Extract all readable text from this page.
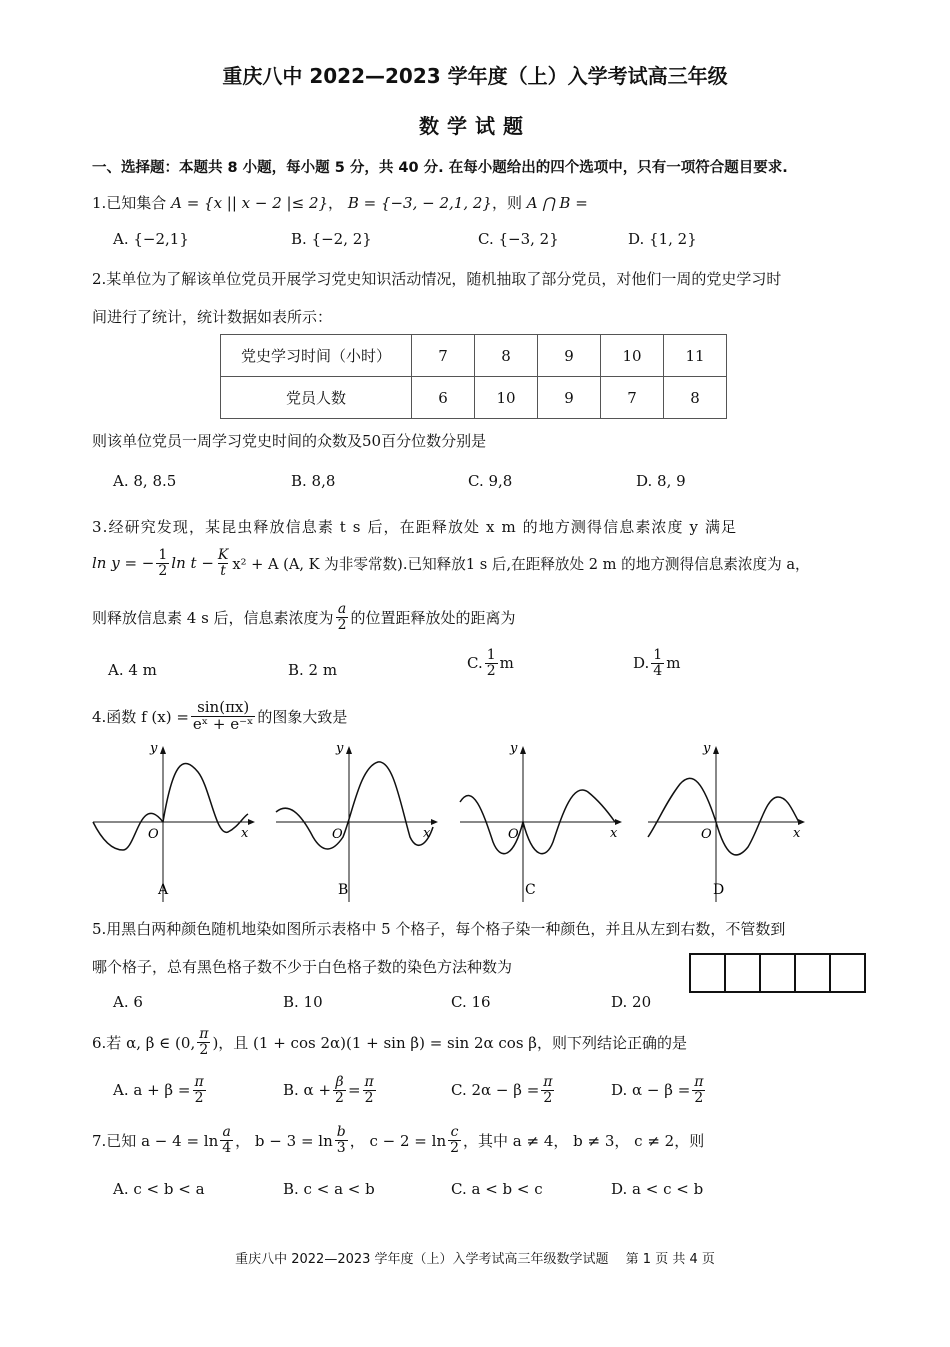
重庆八中 2022—2023 学年度（上）入学考试高三年级
数学试题
一、选择题：本题共 8 小题，每小题 5 分，共 40 分. 在每小题给出的四个选项中，只有一项符合题目要求.
1.已知集合 A = {x || x − 2 |≤ 2}， B = {−3, − 2,1, 2}，则 A ⋂ B =
A. {−2,1}	B. {−2, 2}	C. {−3, 2}	D. {1, 2}
2.某单位为了解该单位党员开展学习党史知识活动情况，随机抽取了部分党员，对他们一周的党史学习时
间进行了统计，统计数据如表所示：
党史学习时间（小时）	7	8	9	10	11
党员人数	6	10	9	7	8
则该单位党员一周学习党史时间的众数及50百分位数分别是
A. 8, 8.5	B. 8,8	C. 9,8	D. 8, 9
3.经研究发现，某昆虫释放信息素 t s 后，在距释放处 x m 的地方测得信息素浓度 y 满足
ln y = − $\frac{1}{2}$ $\ln t - \frac{K}{t} x^2 + A$ (A, K 为非零常数).已知释放1 s 后,在距释放处 2 m 的地方测得信息素浓度为 a，
则释放信息素 4 s 后，信息素浓度为 $\frac{a}{2}$ 的位置距释放处的距离为
A. 4 m	B. 2 m	C. $\frac{1}{2}$ m	D. $\frac{1}{4}$ m
4.函数 f $(x) = \frac{\sin(\pi x)}{\text{eˣ + e⁻ˣ}}$ 的图象大致是
y
x
O
y
x
O
y
x
O
y
x
O
A	B	C	D
5.用黑白两种颜色随机地染如图所示表格中 5 个格子，每个格子染一种颜色，并且从左到右数，不管数到
哪个格子，总有黑色格子数不少于白色格子数的染色方法种数为
A. 6	B. 10	C. 16	D. 20
6.若 α, β ∈ (0, $\frac{\pi}{2}$ )，且 (1 + cos 2α)(1 + sin β) = sin 2α cos β，则下列结论正确的是
A. $a + \beta = \frac{\pi}{2}$	B. $\alpha + \frac{\beta}{2} = \frac{\pi}{2}$	C. $2\alpha - \beta = \frac{\pi}{2}$	D. $\alpha - \beta = \frac{\pi}{2}$
7.已知 $a - 4 = \ln \frac{a}{4}$ ， $b - 3 = \ln \frac{b}{3}$ ， $c - 2 = \ln \frac{c}{2}$ ，其中 a ≠ 4， b ≠ 3， c ≠ 2，则
A. c < b < a	B. c < a < b	C. a < b < c	D. a < c < b
重庆八中 2022—2023 学年度（上）入学考试高三年级数学试题　 第 1 页 共 4 页
